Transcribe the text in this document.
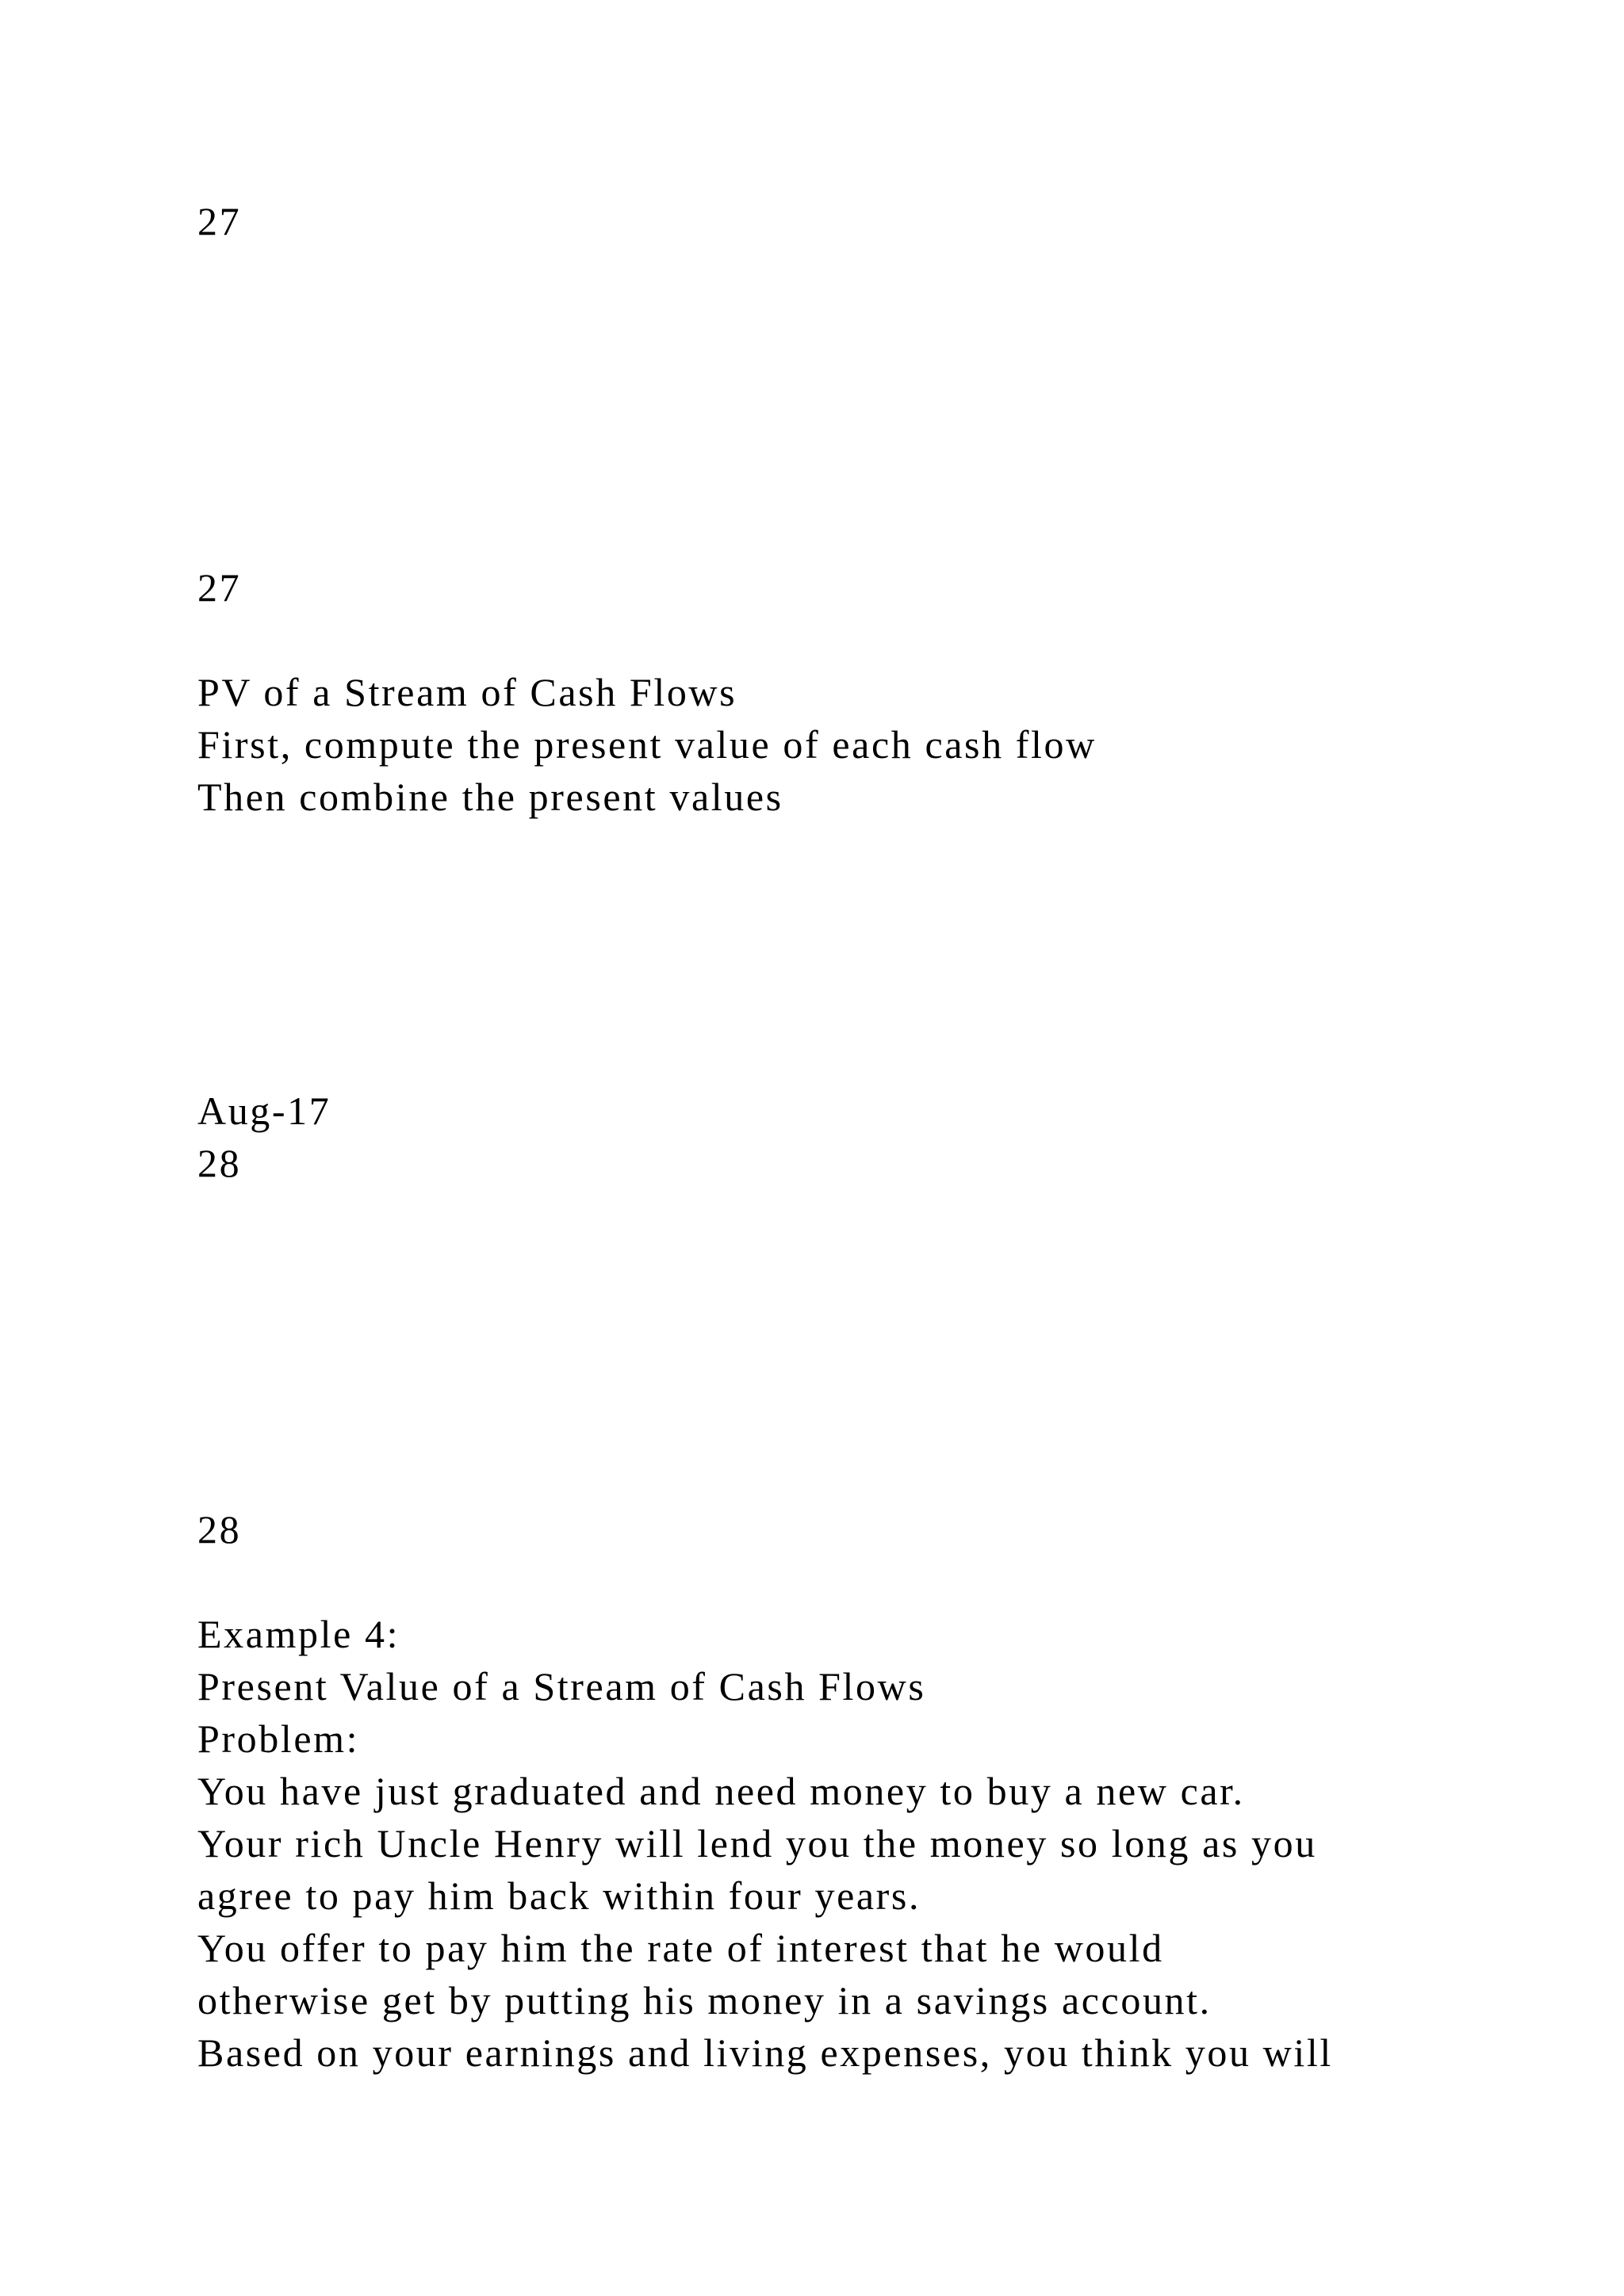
27
27
PV of a Stream of Cash Flows
First, compute the present value of each cash flow
Then combine the present values
Aug-17
28
28
Example 4:
Present Value of a Stream of Cash Flows
Problem:
You have just graduated and need money to buy a new car.
Your rich Uncle Henry will lend you the money so long as you
agree to pay him back within four years.
You offer to pay him the rate of interest that he would
otherwise get by putting his money in a savings account.
Based on your earnings and living expenses, you think you will
